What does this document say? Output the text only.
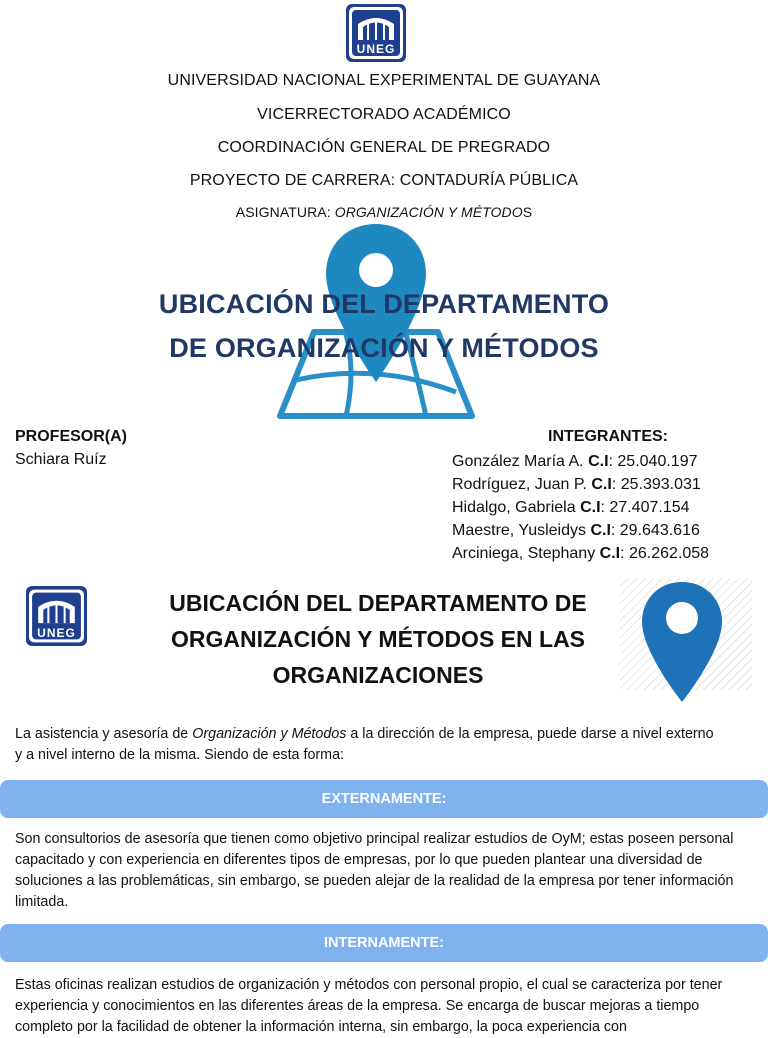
UNEG
UNIVERSIDAD NACIONAL EXPERIMENTAL DE GUAYANA
VICERRECTORADO ACADÉMICO
COORDINACIÓN GENERAL DE PREGRADO
PROYECTO DE CARRERA: CONTADURÍA PÚBLICA
ASIGNATURA: ORGANIZACIÓN Y MÉTODOS
UBICACIÓN DEL DEPARTAMENTO
DE ORGANIZACIÓN Y MÉTODOS
PROFESOR(A)
Schiara Ruíz
INTEGRANTES:
González María A. C.I: 25.040.197
Rodríguez, Juan P. C.I: 25.393.031
Hidalgo, Gabriela C.I: 27.407.154
Maestre, Yusleidys C.I: 29.643.616
Arciniega, Stephany C.I: 26.262.058
UNEG
UBICACIÓN DEL DEPARTAMENTO DE
ORGANIZACIÓN Y MÉTODOS EN LAS
ORGANIZACIONES
La asistencia y asesoría de Organización y Métodos a la dirección de la empresa, puede darse a nivel externo y a nivel interno de la misma. Siendo de esta forma:
EXTERNAMENTE:
Son consultorios de asesoría que tienen como objetivo principal realizar estudios de OyM; estas poseen personal capacitado y con experiencia en diferentes tipos de empresas, por lo que pueden plantear una diversidad de soluciones a las problemáticas, sin embargo, se pueden alejar de la realidad de la empresa por tener información limitada.
INTERNAMENTE:
Estas oficinas realizan estudios de organización y métodos con personal propio, el cual se caracteriza por tener experiencia y conocimientos en las diferentes áreas de la empresa. Se encarga de buscar mejoras a tiempo completo por la facilidad de obtener la información interna, sin embargo, la poca experiencia con
